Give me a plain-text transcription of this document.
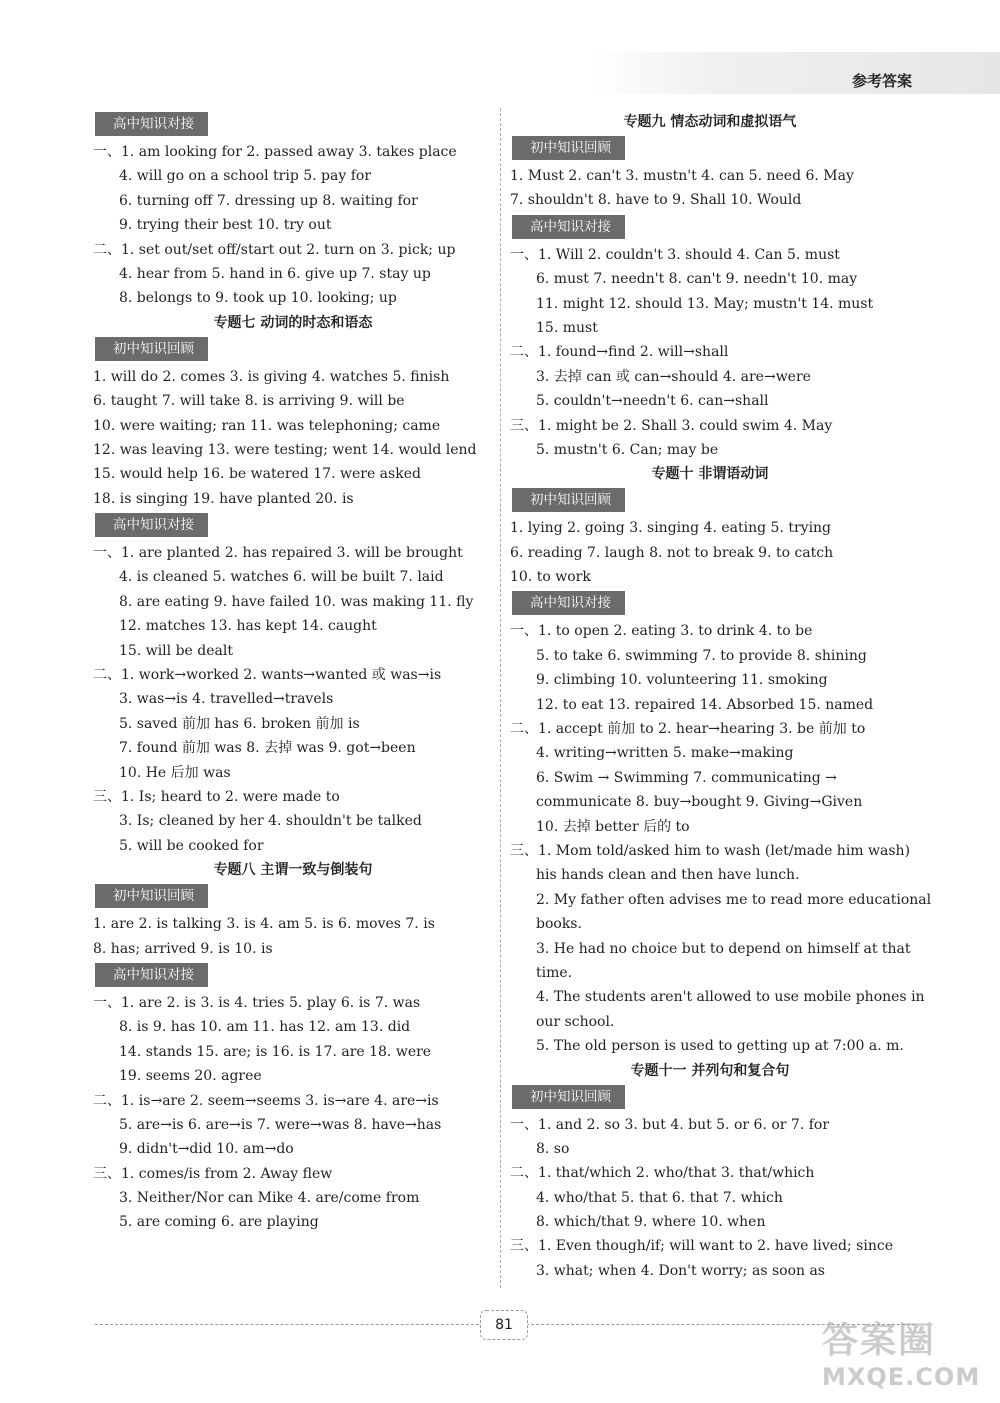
参考答案
高中知识对接
一、1. am looking for 2. passed away 3. takes place
4. will go on a school trip 5. pay for
6. turning off 7. dressing up 8. waiting for
9. trying their best 10. try out
二、1. set out/set off/start out 2. turn on 3. pick; up
4. hear from 5. hand in 6. give up 7. stay up
8. belongs to 9. took up 10. looking; up
专题七 动词的时态和语态
初中知识回顾
1. will do 2. comes 3. is giving 4. watches 5. finish
6. taught 7. will take 8. is arriving 9. will be
10. were waiting; ran 11. was telephoning; came
12. was leaving 13. were testing; went 14. would lend
15. would help 16. be watered 17. were asked
18. is singing 19. have planted 20. is
高中知识对接
一、1. are planted 2. has repaired 3. will be brought
4. is cleaned 5. watches 6. will be built 7. laid
8. are eating 9. have failed 10. was making 11. fly
12. matches 13. has kept 14. caught
15. will be dealt
二、1. work→worked 2. wants→wanted 或 was→is
3. was→is 4. travelled→travels
5. saved 前加 has 6. broken 前加 is
7. found 前加 was 8. 去掉 was 9. got→been
10. He 后加 was
三、1. Is; heard to 2. were made to
3. Is; cleaned by her 4. shouldn't be talked
5. will be cooked for
专题八 主谓一致与倒装句
初中知识回顾
1. are 2. is talking 3. is 4. am 5. is 6. moves 7. is
8. has; arrived 9. is 10. is
高中知识对接
一、1. are 2. is 3. is 4. tries 5. play 6. is 7. was
8. is 9. has 10. am 11. has 12. am 13. did
14. stands 15. are; is 16. is 17. are 18. were
19. seems 20. agree
二、1. is→are 2. seem→seems 3. is→are 4. are→is
5. are→is 6. are→is 7. were→was 8. have→has
9. didn't→did 10. am→do
三、1. comes/is from 2. Away flew
3. Neither/Nor can Mike 4. are/come from
5. are coming 6. are playing
专题九 情态动词和虚拟语气
初中知识回顾
1. Must 2. can't 3. mustn't 4. can 5. need 6. May
7. shouldn't 8. have to 9. Shall 10. Would
高中知识对接
一、1. Will 2. couldn't 3. should 4. Can 5. must
6. must 7. needn't 8. can't 9. needn't 10. may
11. might 12. should 13. May; mustn't 14. must
15. must
二、1. found→find 2. will→shall
3. 去掉 can 或 can→should 4. are→were
5. couldn't→needn't 6. can→shall
三、1. might be 2. Shall 3. could swim 4. May
5. mustn't 6. Can; may be
专题十 非谓语动词
初中知识回顾
1. lying 2. going 3. singing 4. eating 5. trying
6. reading 7. laugh 8. not to break 9. to catch
10. to work
高中知识对接
一、1. to open 2. eating 3. to drink 4. to be
5. to take 6. swimming 7. to provide 8. shining
9. climbing 10. volunteering 11. smoking
12. to eat 13. repaired 14. Absorbed 15. named
二、1. accept 前加 to 2. hear→hearing 3. be 前加 to
4. writing→written 5. make→making
6. Swim → Swimming 7. communicating →
communicate 8. buy→bought 9. Giving→Given
10. 去掉 better 后的 to
三、1. Mom told/asked him to wash (let/made him wash)
his hands clean and then have lunch.
2. My father often advises me to read more educational
books.
3. He had no choice but to depend on himself at that
time.
4. The students aren't allowed to use mobile phones in
our school.
5. The old person is used to getting up at 7:00 a. m.
专题十一 并列句和复合句
初中知识回顾
一、1. and 2. so 3. but 4. but 5. or 6. or 7. for
8. so
二、1. that/which 2. who/that 3. that/which
4. who/that 5. that 6. that 7. which
8. which/that 9. where 10. when
三、1. Even though/if; will want to 2. have lived; since
3. what; when 4. Don't worry; as soon as
81	答案圈
MXQE.COM
